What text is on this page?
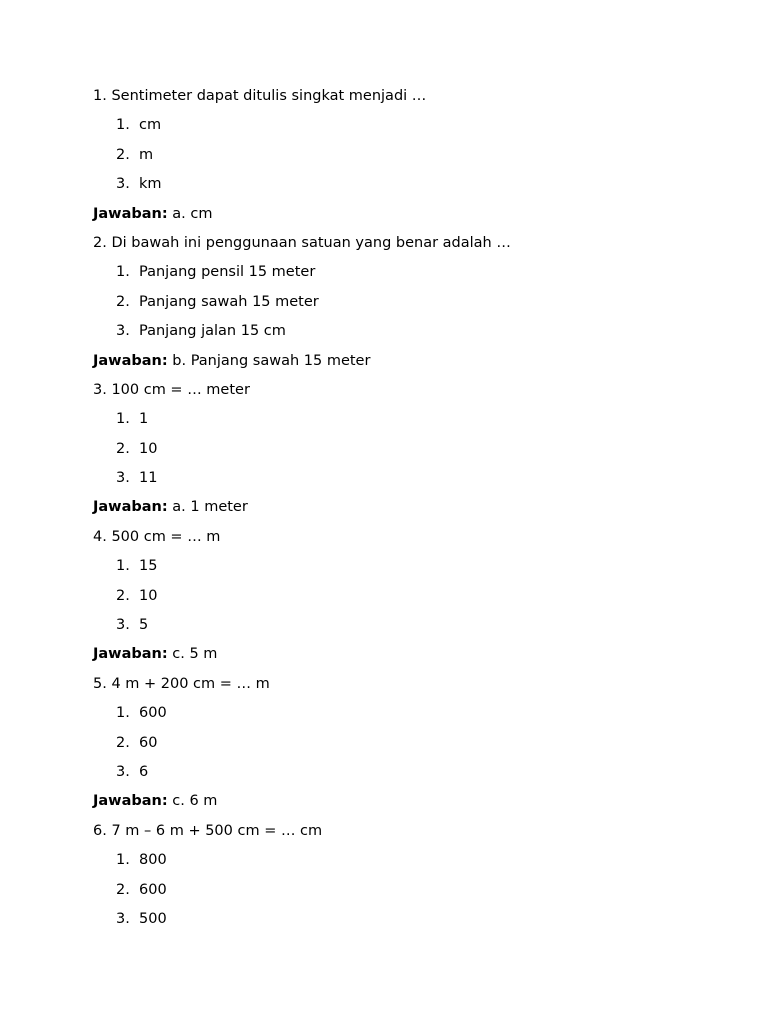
1. Sentimeter dapat ditulis singkat menjadi …
1. cm
2. m
3. km
Jawaban: a. cm
2. Di bawah ini penggunaan satuan yang benar adalah …
1. Panjang pensil 15 meter
2. Panjang sawah 15 meter
3. Panjang jalan 15 cm
Jawaban: b. Panjang sawah 15 meter
3. 100 cm = … meter
1. 1
2. 10
3. 11
Jawaban: a. 1 meter
4. 500 cm = … m
1. 15
2. 10
3. 5
Jawaban: c. 5 m
5. 4 m + 200 cm = … m
1. 600
2. 60
3. 6
Jawaban: c. 6 m
6. 7 m – 6 m + 500 cm = … cm
1. 800
2. 600
3. 500
